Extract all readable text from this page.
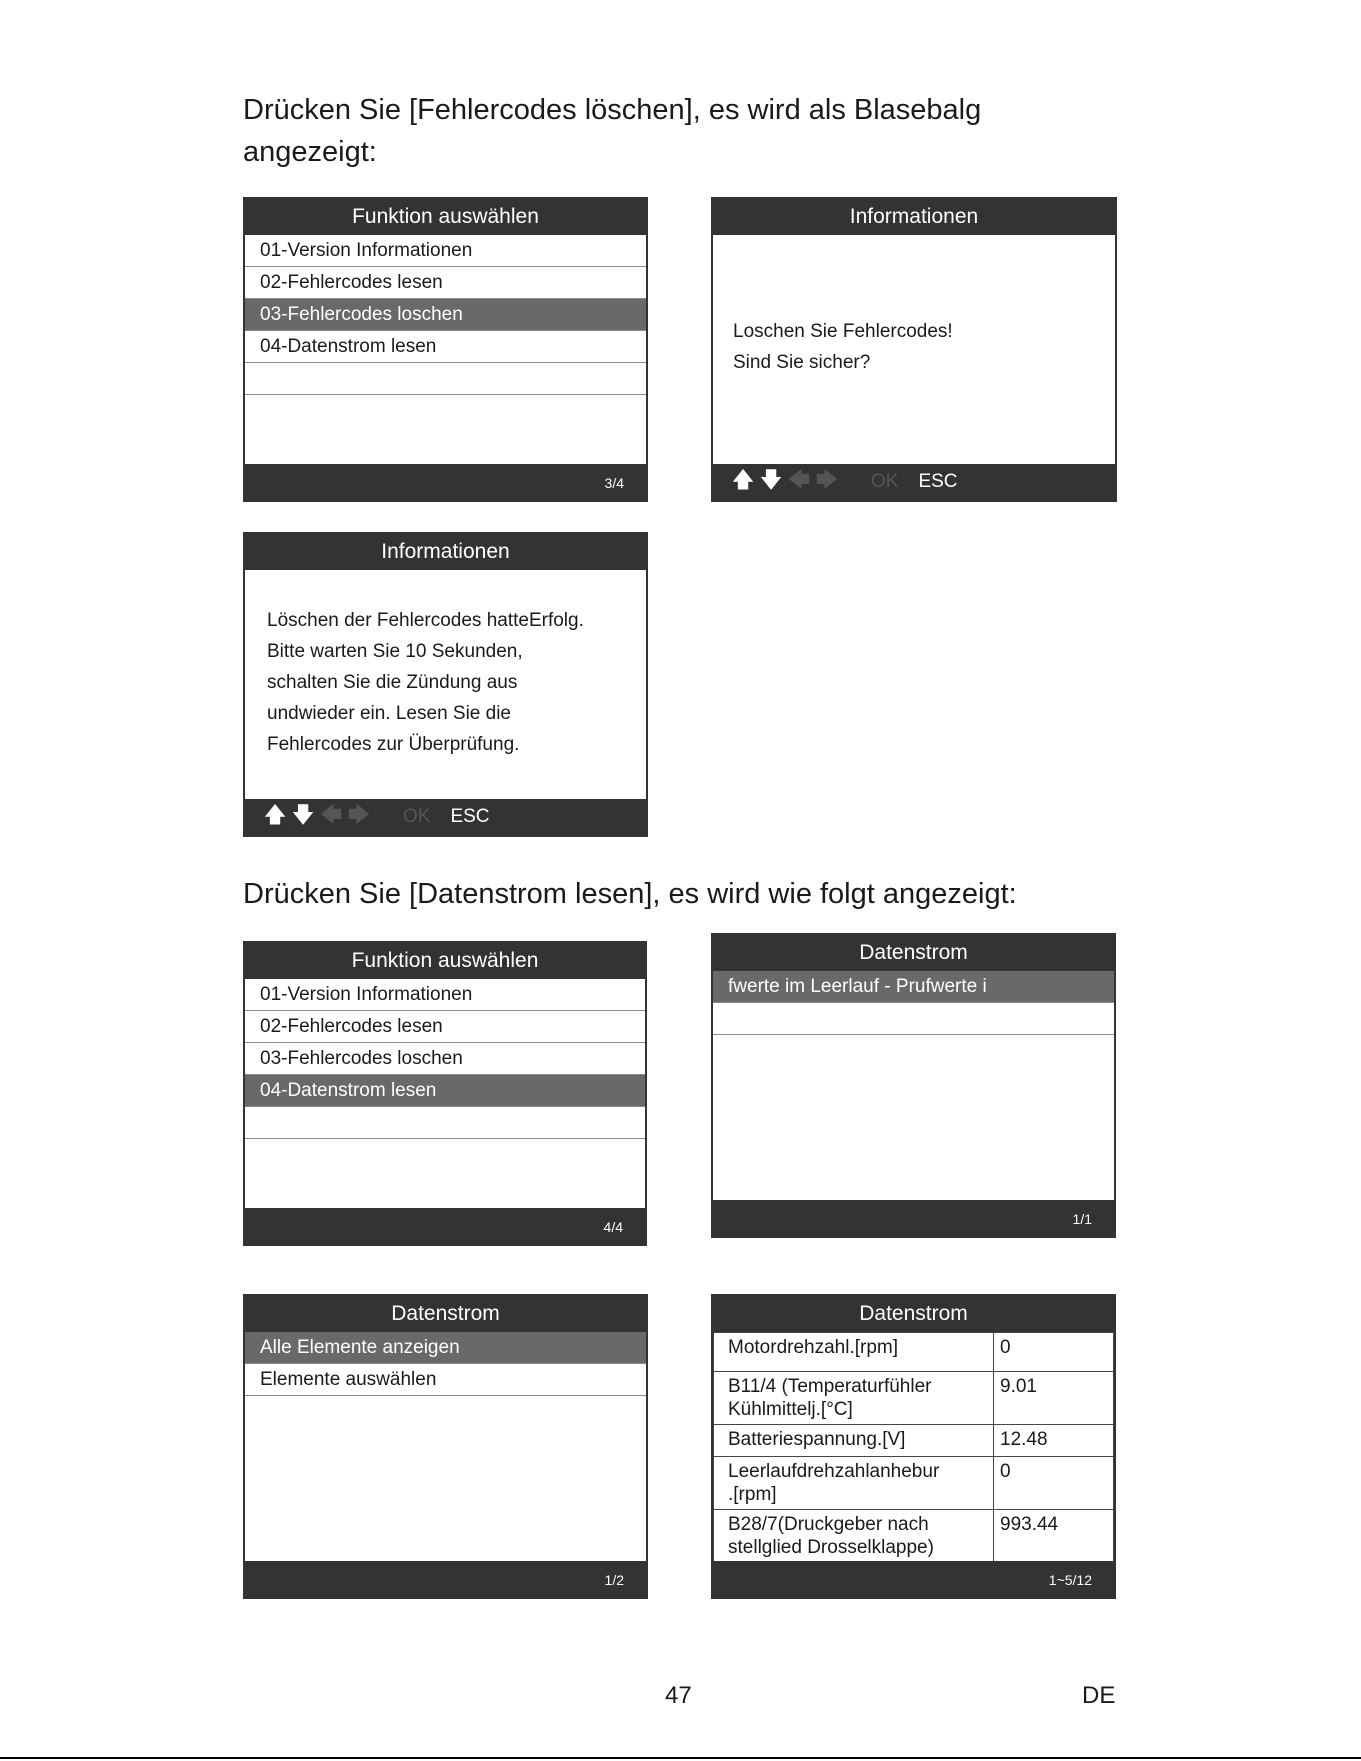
Drücken Sie [Fehlercodes löschen], es wird als Blasebalg
angezeigt:

Funktion auswählen
01-Version Informationen
02-Fehlercodes lesen
03-Fehlercodes loschen
04-Datenstrom lesen
3/4
Informationen
Loschen Sie Fehlercodes!
Sind Sie sicher?
🡅 🡇 🡄 🡆 OK ESC
Informationen
Löschen der Fehlercodes hatteErfolg.
Bitte warten Sie 10 Sekunden,
schalten Sie die Zündung aus
undwieder ein. Lesen Sie die
Fehlercodes zur Überprüfung.
🡅 🡇 🡄 🡆 OK ESC

Drücken Sie [Datenstrom lesen], es wird wie folgt angezeigt:

Funktion auswählen
01-Version Informationen
02-Fehlercodes lesen
03-Fehlercodes loschen
04-Datenstrom lesen
4/4
Datenstrom
fwerte im Leerlauf - Prufwerte i
1/1
Datenstrom
Alle Elemente anzeigen
Elemente auswählen
1/2
Datenstrom
Motordrehzahl.[rpm]	0
B11/4 (Temperaturfühler
Kühlmittelj.[°C]	9.01
Batteriespannung.[V]	12.48
Leerlaufdrehzahlanhebur
.[rpm]	0
B28/7(Druckgeber nach
stellglied Drosselklappe)	993.44
1~5/12
47	DE
